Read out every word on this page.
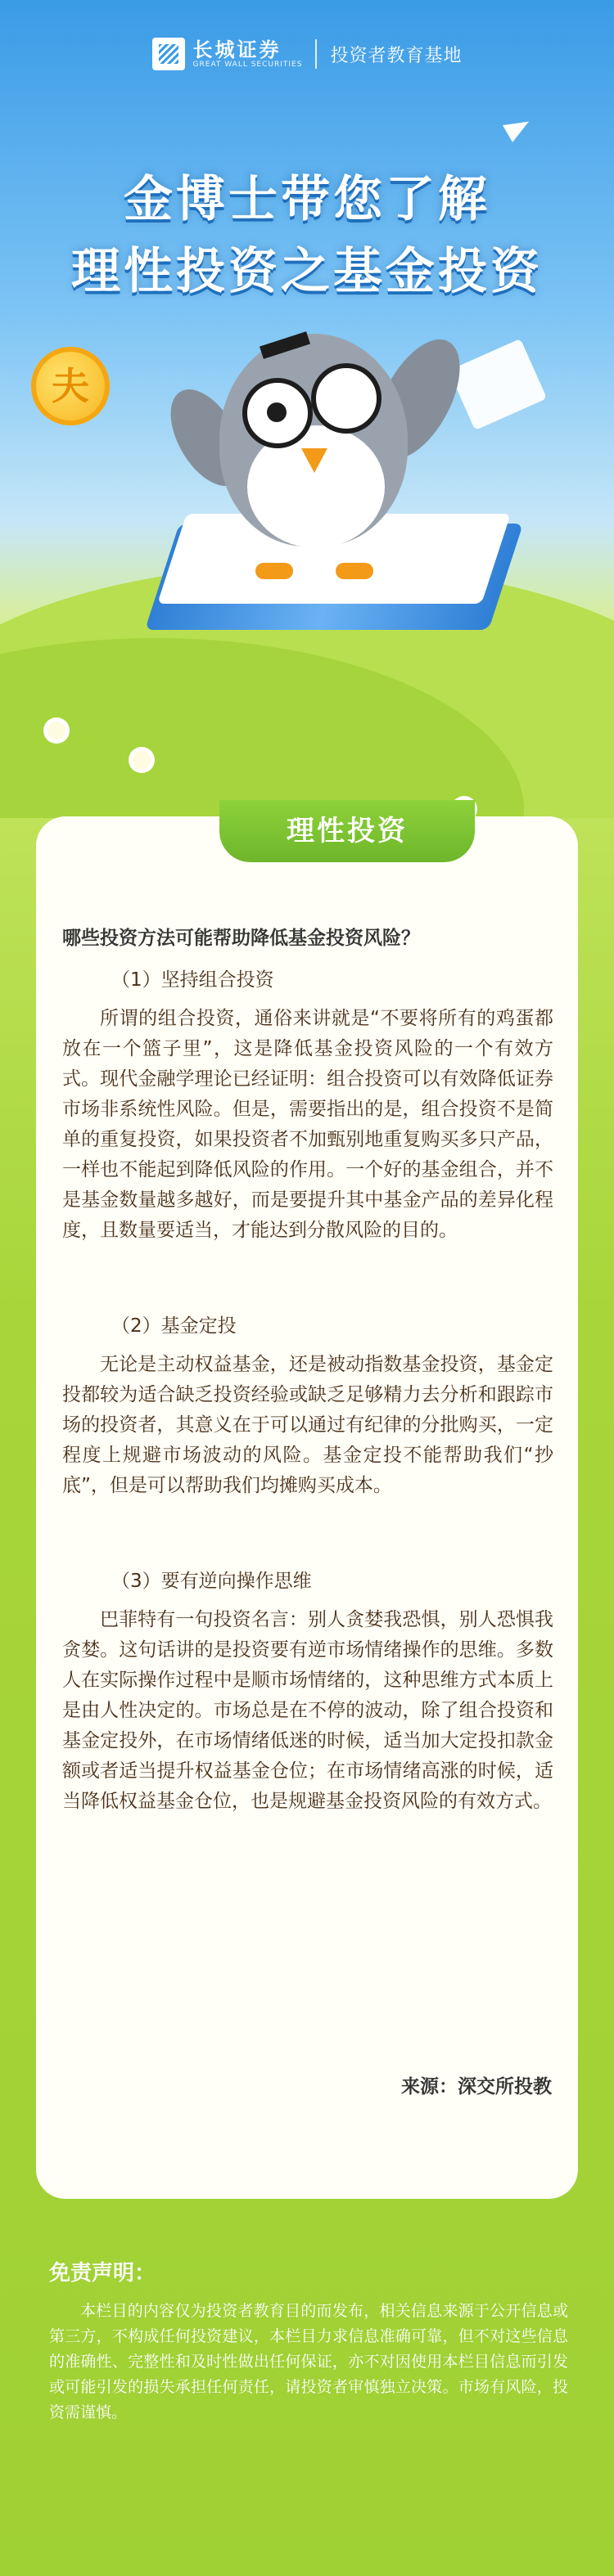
长城证券
GREAT WALL SECURITIES 投资者教育基地
金博士带您了解
理性投资之基金投资
夫
理性投资
哪些投资方法可能帮助降低基金投资风险？
（1）坚持组合投资

所谓的组合投资，通俗来讲就是“不要将所有的鸡蛋都放在一个篮子里”，这是降低基金投资风险的一个有效方式。现代金融学理论已经证明：组合投资可以有效降低证券市场非系统性风险。但是，需要指出的是，组合投资不是简单的重复投资，如果投资者不加甄别地重复购买多只产品，一样也不能起到降低风险的作用。一个好的基金组合，并不是基金数量越多越好，而是要提升其中基金产品的差异化程度，且数量要适当，才能达到分散风险的目的。

（2）基金定投

无论是主动权益基金，还是被动指数基金投资，基金定投都较为适合缺乏投资经验或缺乏足够精力去分析和跟踪市场的投资者，其意义在于可以通过有纪律的分批购买，一定程度上规避市场波动的风险。基金定投不能帮助我们“抄底”，但是可以帮助我们均摊购买成本。

（3）要有逆向操作思维

巴菲特有一句投资名言：别人贪婪我恐惧，别人恐惧我贪婪。这句话讲的是投资要有逆市场情绪操作的思维。多数人在实际操作过程中是顺市场情绪的，这种思维方式本质上是由人性决定的。市场总是在不停的波动，除了组合投资和基金定投外，在市场情绪低迷的时候，适当加大定投扣款金额或者适当提升权益基金仓位；在市场情绪高涨的时候，适当降低权益基金仓位，也是规避基金投资风险的有效方式。

来源：深交所投教
免责声明：
本栏目的内容仅为投资者教育目的而发布，相关信息来源于公开信息或第三方，不构成任何投资建议，本栏目力求信息准确可靠，但不对这些信息的准确性、完整性和及时性做出任何保证，亦不对因使用本栏目信息而引发或可能引发的损失承担任何责任，请投资者审慎独立决策。市场有风险，投资需谨慎。
